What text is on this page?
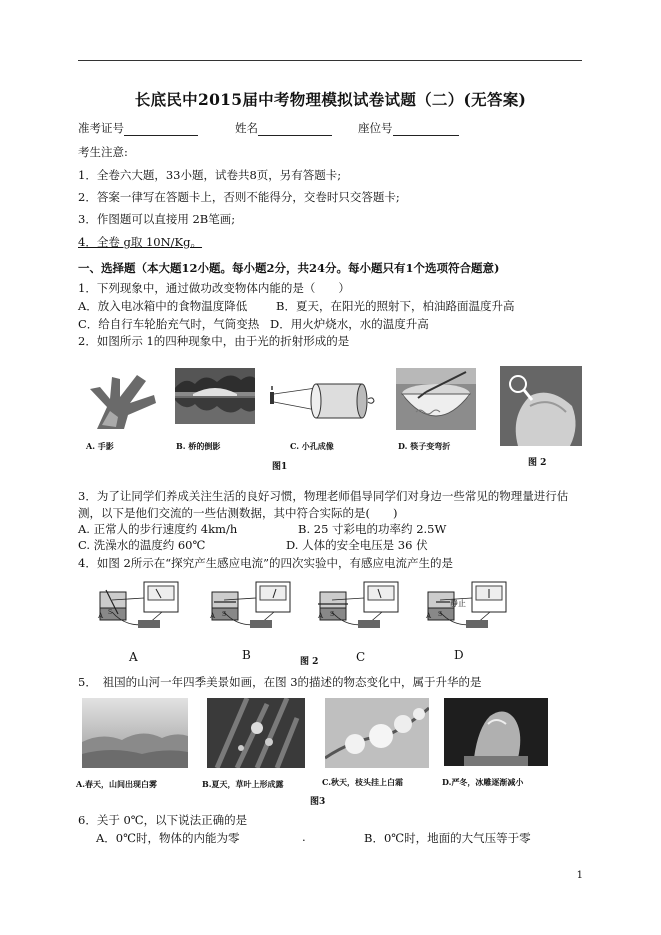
长底民中2015届中考物理模拟试卷试题（二）(无答案)
准考证号	姓名	座位号
考生注意:
1．全卷六大题，33小题，试卷共8页，另有答题卡;
2．答案一律写在答题卡上，否则不能得分，交卷时只交答题卡;
3．作图题可以直接用 2B笔画;
4．全卷 g取 10N/Kg。
一、选择题（本大题12小题。每小题2分，共24分。每小题只有1个选项符合题意)
1．下列现象中，通过做功改变物体内能的是（　　）
A．放入电冰箱中的食物温度降低 B．夏天，在阳光的照射下，柏油路面温度升高
C．给自行车轮胎充气时，气筒变热 D．用火炉烧水，水的温度升高
2．如图所示 1的四种现象中，由于光的折射形成的是
A. 手影	B. 桥的倒影	C. 小孔成像	D. 筷子变弯折
图 2
图1
3．为了让同学们养成关注生活的良好习惯，物理老师倡导同学们对身边一些常见的物理量进行估
测，以下是他们交流的一些估测数据，其中符合实际的是(　　)
A. 正常人的步行速度约 4km/h	B. 25 寸彩电的功率约 2.5W
C. 洗澡水的温度约 60℃	D. 人体的安全电压是 36 伏
4．如图 2所示在“探究产生感应电流”的四次实验中，有感应电流产生的是
A S	A S	A S	A S
静止
A	B	图 2	C	D
5．　祖国的山河一年四季美景如画，在图 3的描述的物态变化中，属于升华的是
A.春天，山间出现白雾	B.夏天，草叶上形成露	C.秋天，枝头挂上白霜	D.严冬，冰雕逐渐减小
图3
6．关于 0℃，以下说法正确的是
A．0℃时，物体的内能为零	.	B．0℃时，地面的大气压等于零
1
